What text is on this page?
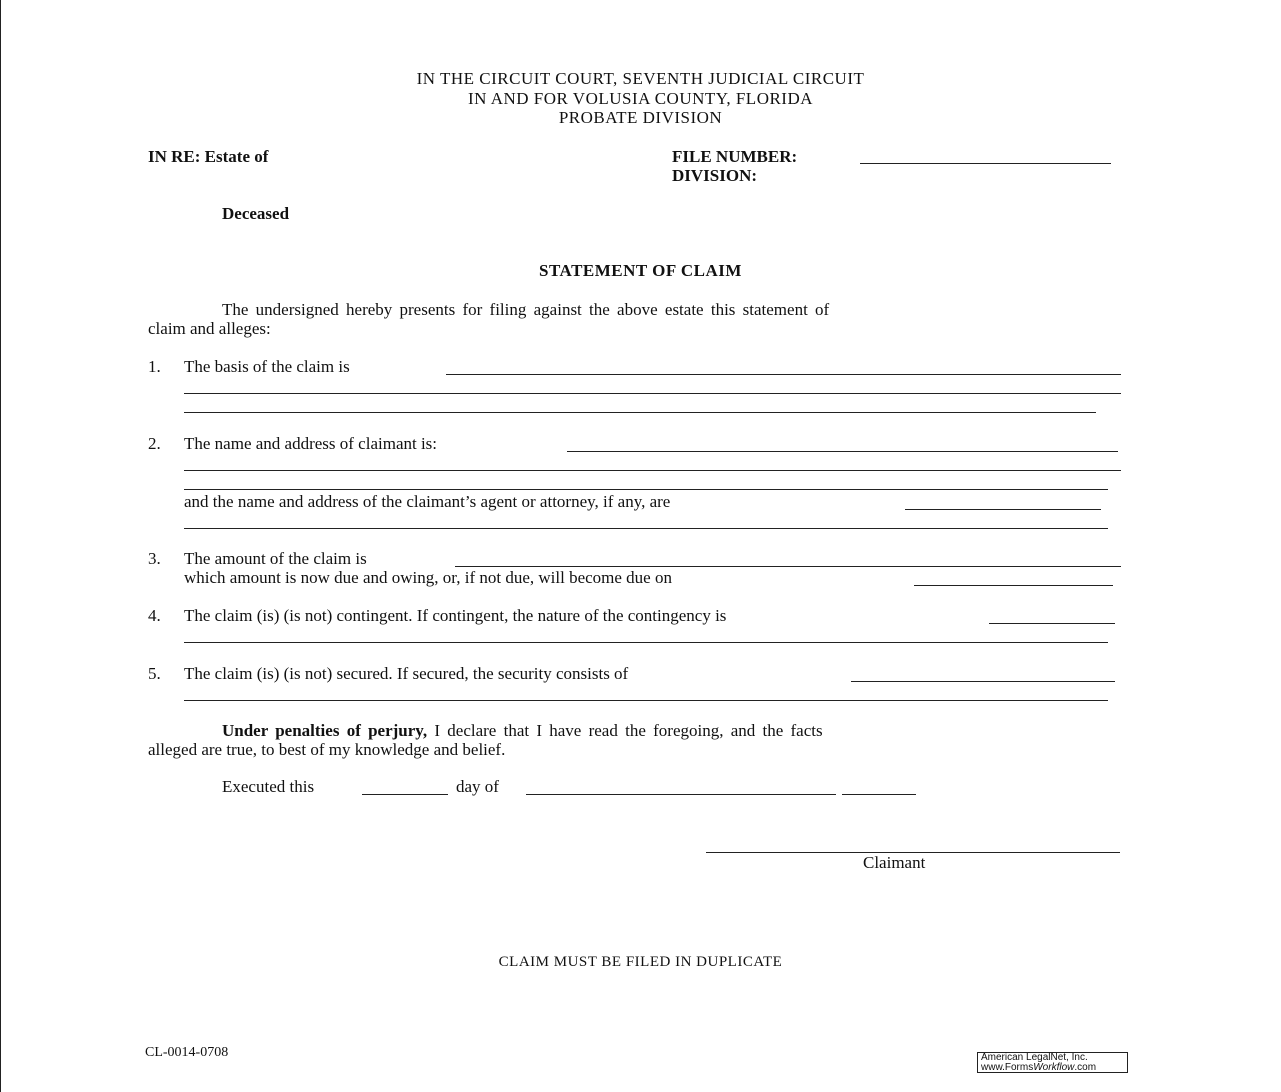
IN THE CIRCUIT COURT, SEVENTH JUDICIAL CIRCUIT
IN AND FOR VOLUSIA COUNTY, FLORIDA
PROBATE DIVISION
IN RE: Estate of	FILE NUMBER:
DIVISION:
Deceased
STATEMENT OF CLAIM
The undersigned hereby presents for filing against the above estate this statement of
claim and alleges:
1. The basis of the claim is
2. The name and address of claimant is:
and the name and address of the claimant’s agent or attorney, if any, are
3. The amount of the claim is
which amount is now due and owing, or, if not due, will become due on
4. The claim (is) (is not) contingent. If contingent, the nature of the contingency is
5. The claim (is) (is not) secured. If secured, the security consists of
Under penalties of perjury, I declare that I have read the foregoing, and the facts
alleged are true, to best of my knowledge and belief.
Executed this	day of
Claimant
CLAIM MUST BE FILED IN DUPLICATE
CL-0014-0708	American LegalNet, Inc.
www.FormsWorkflow.com
